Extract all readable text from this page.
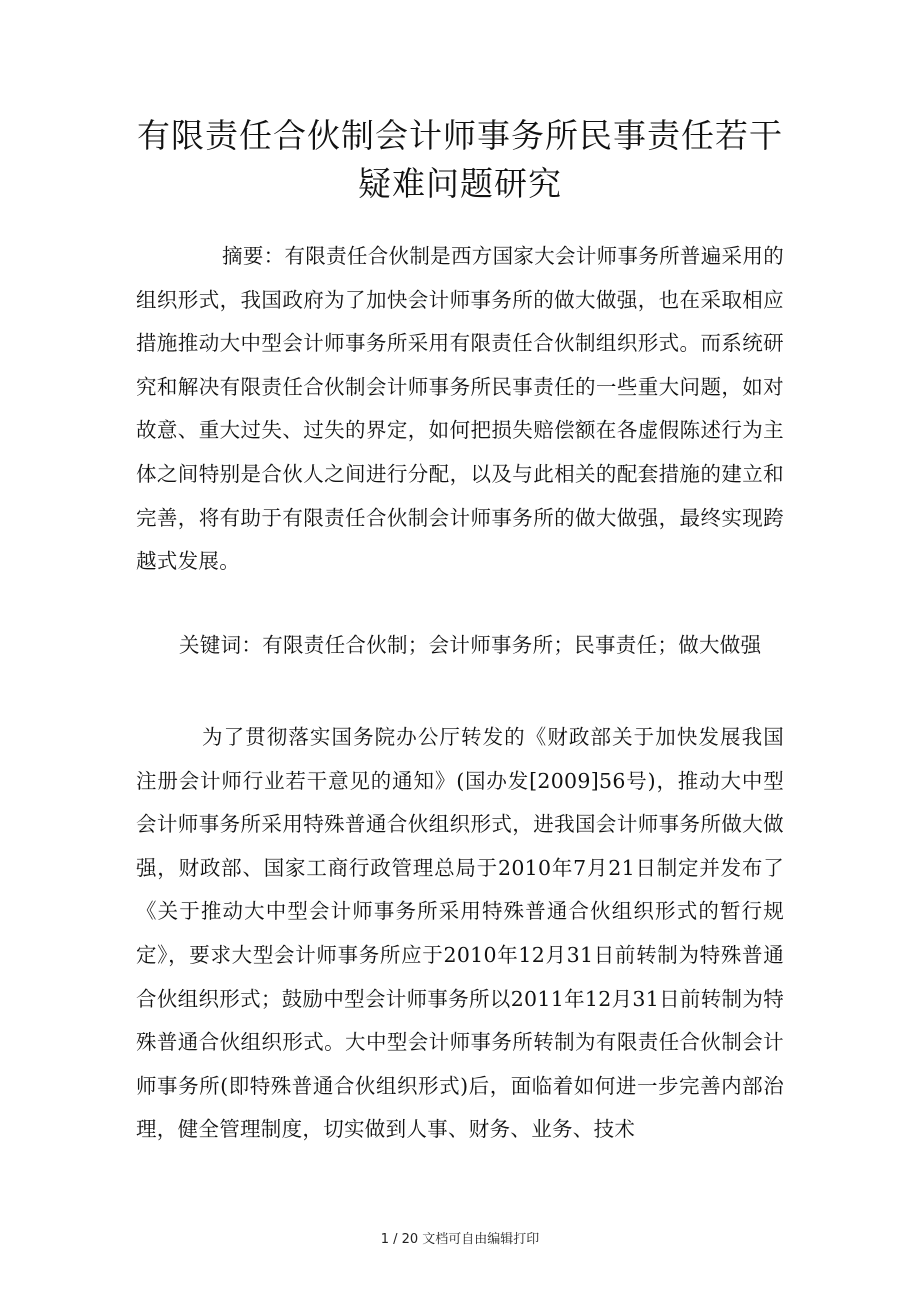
有限责任合伙制会计师事务所民事责任若干
疑难问题研究

摘要：有限责任合伙制是西方国家大会计师事务所普遍采用的组织形式，我国政府为了加快会计师事务所的做大做强，也在采取相应措施推动大中型会计师事务所采用有限责任合伙制组织形式。而系统研究和解决有限责任合伙制会计师事务所民事责任的一些重大问题，如对故意、重大过失、过失的界定，如何把损失赔偿额在各虚假陈述行为主体之间特别是合伙人之间进行分配，以及与此相关的配套措施的建立和完善，将有助于有限责任合伙制会计师事务所的做大做强，最终实现跨越式发展。

关键词：有限责任合伙制；会计师事务所；民事责任；做大做强

为了贯彻落实国务院办公厅转发的《财政部关于加快发展我国注册会计师行业若干意见的通知》(国办发[2009]56号)，推动大中型会计师事务所采用特殊普通合伙组织形式，进我国会计师事务所做大做强，财政部、国家工商行政管理总局于2010年7月21日制定并发布了《关于推动大中型会计师事务所采用特殊普通合伙组织形式的暂行规定》，要求大型会计师事务所应于2010年12月31日前转制为特殊普通合伙组织形式；鼓励中型会计师事务所以2011年12月31日前转制为特殊普通合伙组织形式。大中型会计师事务所转制为有限责任合伙制会计师事务所(即特殊普通合伙组织形式)后，面临着如何进一步完善内部治理，健全管理制度，切实做到人事、财务、业务、技术

1 / 20 文档可自由编辑打印
